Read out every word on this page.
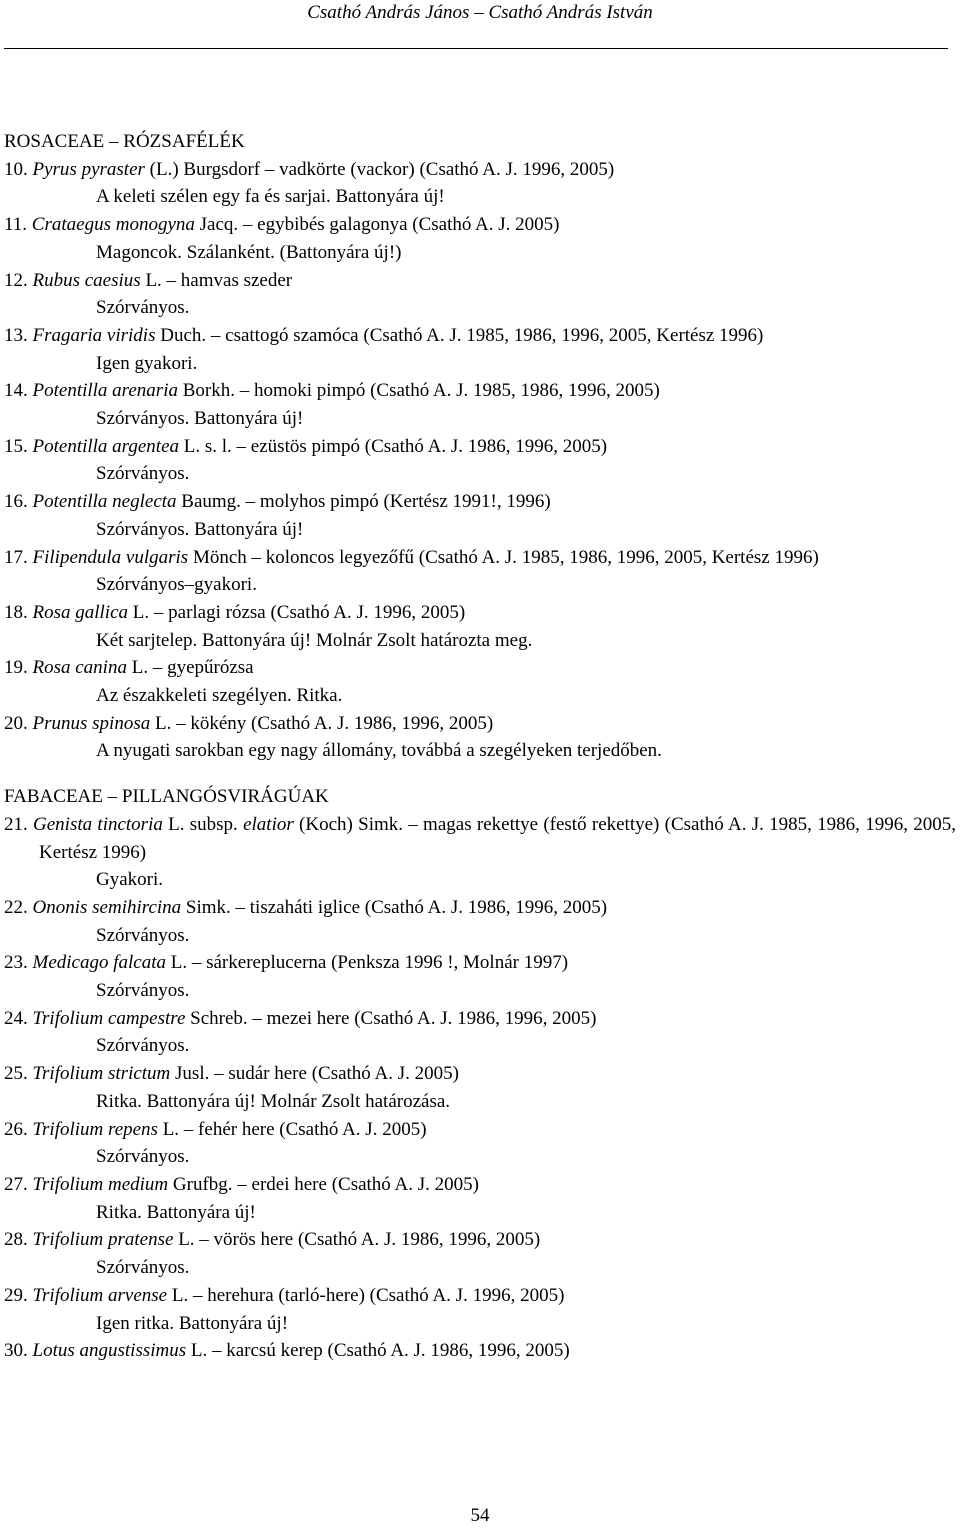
Csathó András János – Csathó András István
ROSACEAE – RÓZSAFÉLÉK
10. Pyrus pyraster (L.) Burgsdorf – vadkörte (vackor) (Csathó A. J. 1996, 2005)
A keleti szélen egy fa és sarjai. Battonyára új!
11. Crataegus monogyna Jacq. – egybibés galagonya (Csathó A. J. 2005)
Magoncok. Szálanként. (Battonyára új!)
12. Rubus caesius L. – hamvas szeder
Szórványos.
13. Fragaria viridis Duch. – csattogó szamóca (Csathó A. J. 1985, 1986, 1996, 2005, Kertész 1996)
Igen gyakori.
14. Potentilla arenaria Borkh. – homoki pimpó (Csathó A. J. 1985, 1986, 1996, 2005)
Szórványos. Battonyára új!
15. Potentilla argentea L. s. l. – ezüstös pimpó (Csathó A. J. 1986, 1996, 2005)
Szórványos.
16. Potentilla neglecta Baumg. – molyhos pimpó (Kertész 1991!, 1996)
Szórványos. Battonyára új!
17. Filipendula vulgaris Mönch – koloncos legyezőfű (Csathó A. J. 1985, 1986, 1996, 2005, Kertész 1996)
Szórványos–gyakori.
18. Rosa gallica L. – parlagi rózsa (Csathó A. J. 1996, 2005)
Két sarjtelep. Battonyára új! Molnár Zsolt határozta meg.
19. Rosa canina L. – gyepűrózsa
Az északkeleti szegélyen. Ritka.
20. Prunus spinosa L. – kökény (Csathó A. J. 1986, 1996, 2005)
A nyugati sarokban egy nagy állomány, továbbá a szegélyeken terjedőben.
FABACEAE – PILLANGÓSVIRÁGÚAK
21. Genista tinctoria L. subsp. elatior (Koch) Simk. – magas rekettye (festő rekettye) (Csathó A. J. 1985, 1986, 1996, 2005, Kertész 1996)
Gyakori.
22. Ononis semihircina Simk. – tiszaháti iglice (Csathó A. J. 1986, 1996, 2005)
Szórványos.
23. Medicago falcata L. – sárkereplucerna (Penksza 1996 !, Molnár 1997)
Szórványos.
24. Trifolium campestre Schreb. – mezei here (Csathó A. J. 1986, 1996, 2005)
Szórványos.
25. Trifolium strictum Jusl. – sudár here (Csathó A. J. 2005)
Ritka. Battonyára új! Molnár Zsolt határozása.
26. Trifolium repens L. – fehér here (Csathó A. J. 2005)
Szórványos.
27. Trifolium medium Grufbg. – erdei here (Csathó A. J. 2005)
Ritka. Battonyára új!
28. Trifolium pratense L. – vörös here (Csathó A. J. 1986, 1996, 2005)
Szórványos.
29. Trifolium arvense L. – herehura (tarló-here) (Csathó A. J. 1996, 2005)
Igen ritka. Battonyára új!
30. Lotus angustissimus L. – karcsú kerep (Csathó A. J. 1986, 1996, 2005)
54
